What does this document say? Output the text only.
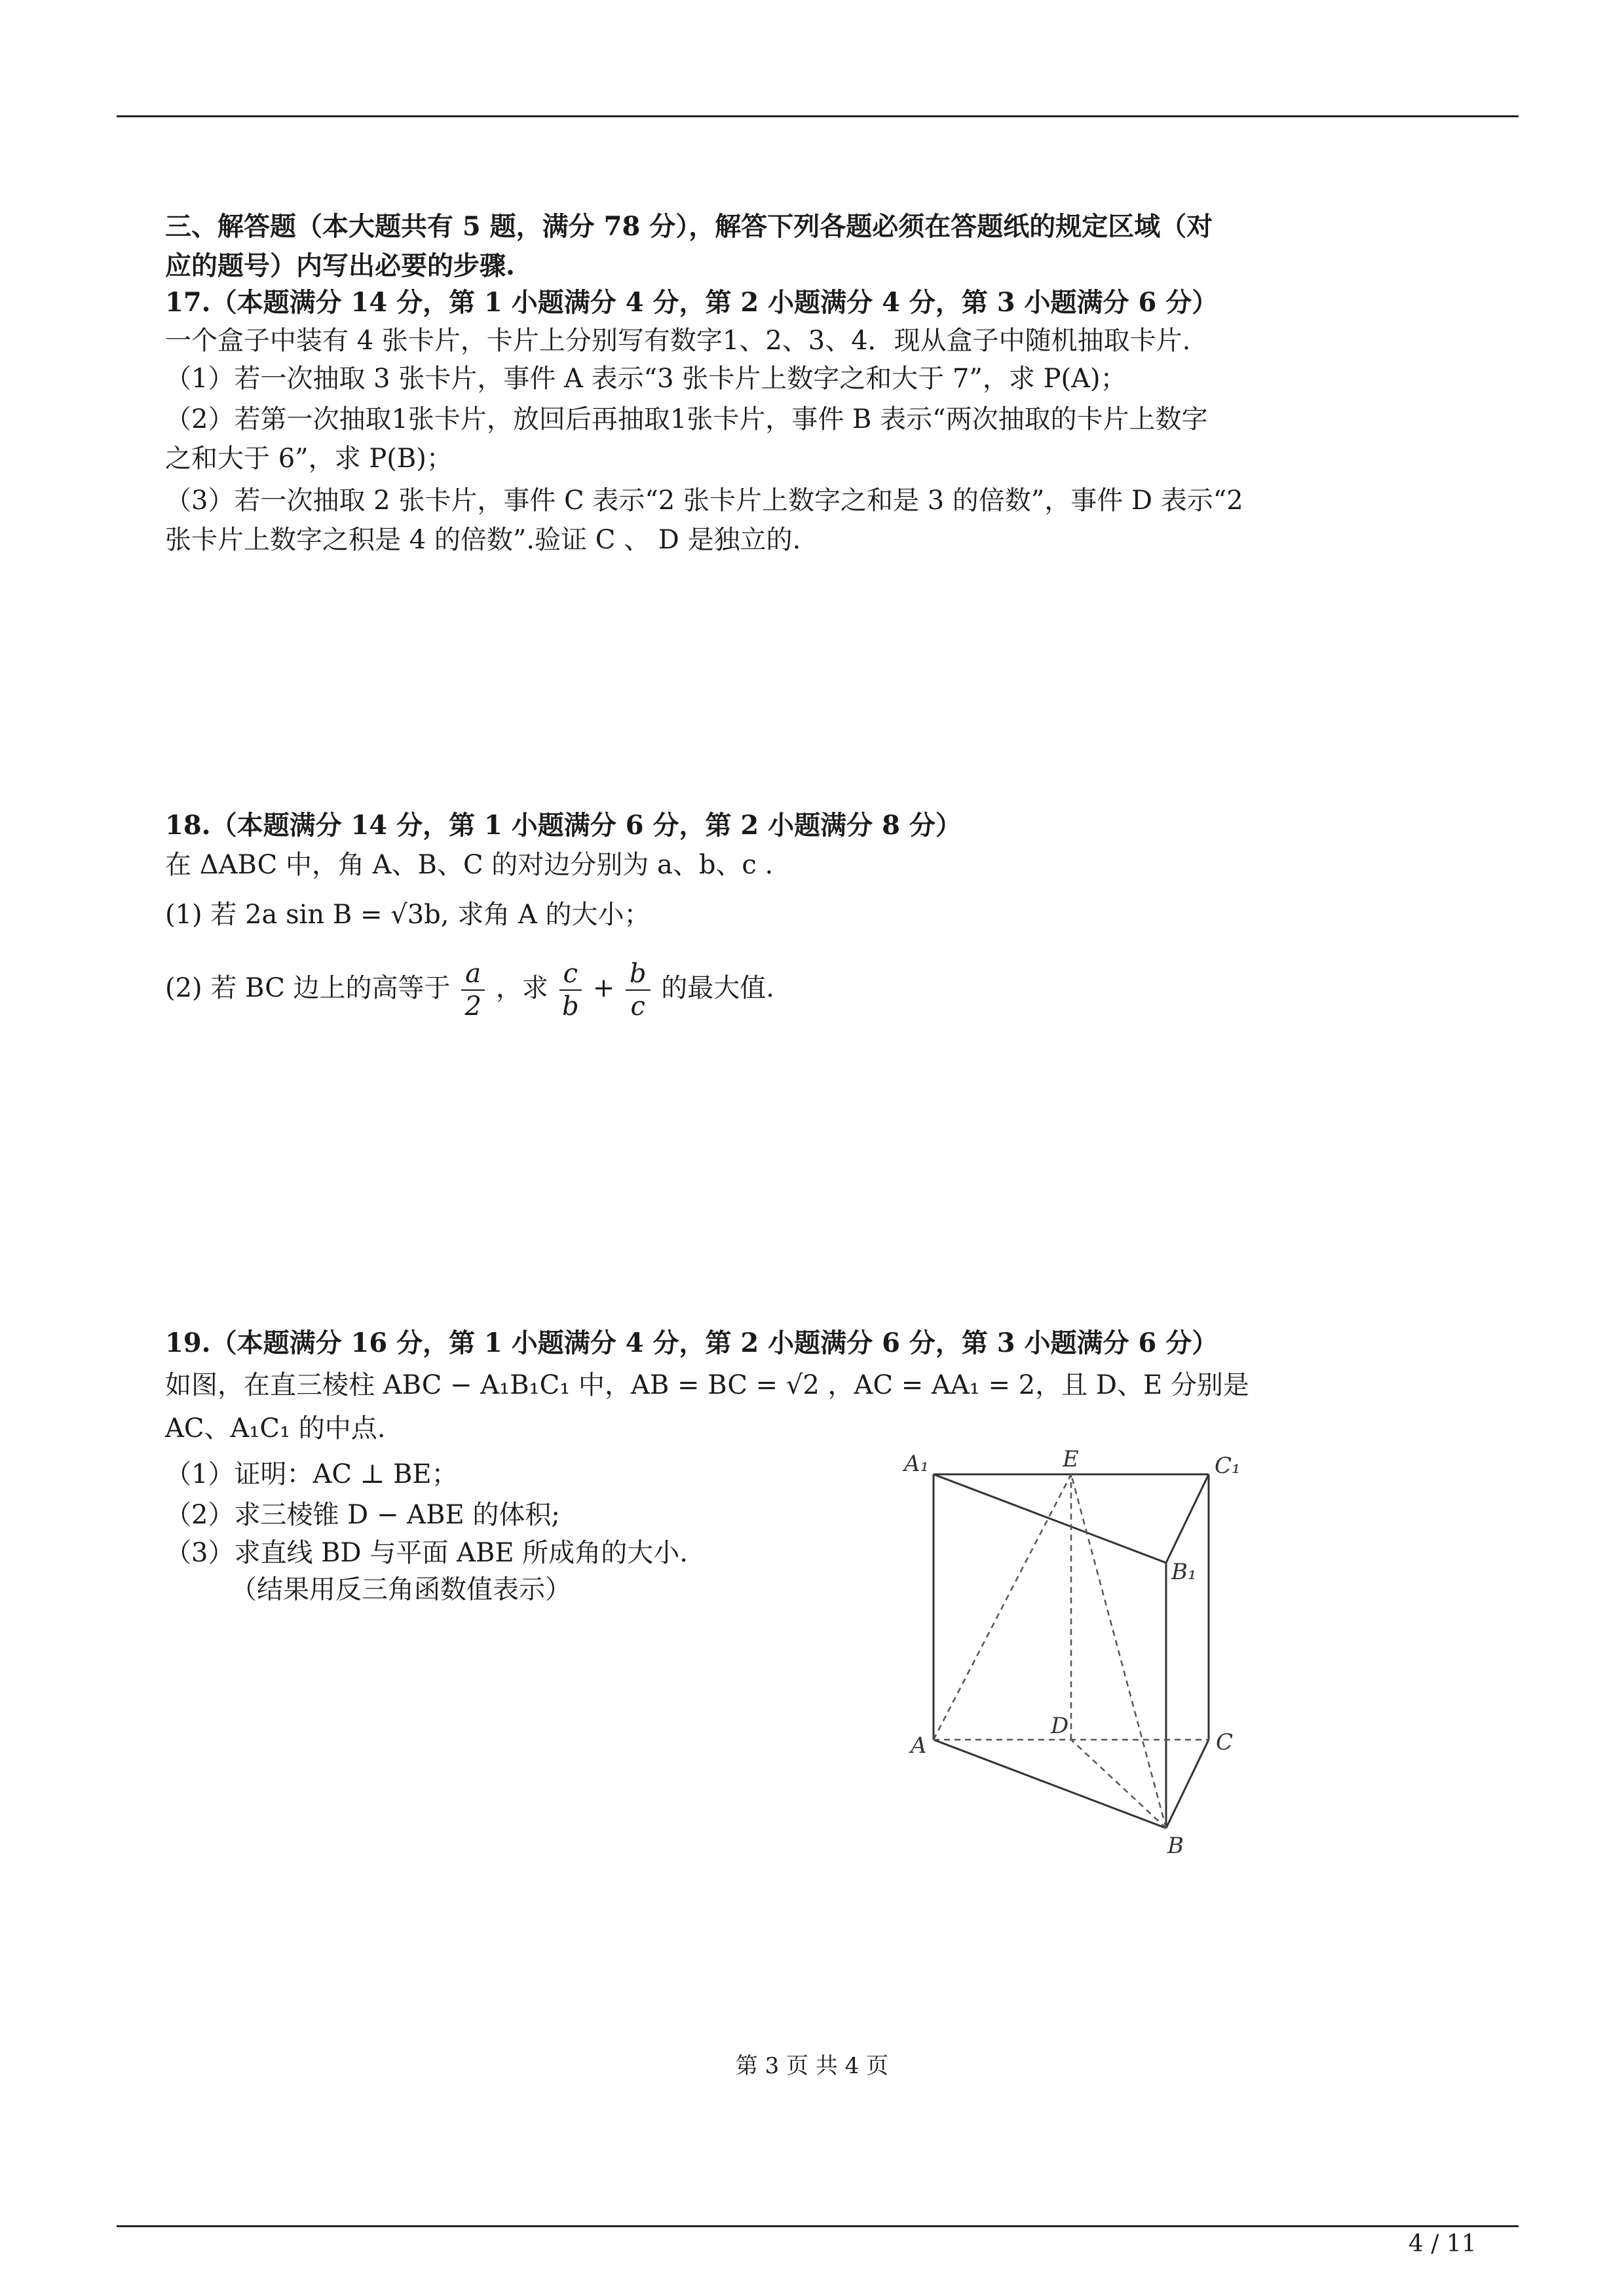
三、解答题（本大题共有 5 题，满分 78 分），解答下列各题必须在答题纸的规定区域（对
应的题号）内写出必要的步骤.
17.（本题满分 14 分，第 1 小题满分 4 分，第 2 小题满分 4 分，第 3 小题满分 6 分）
一个盒子中装有 4 张卡片，卡片上分别写有数字1、2、3、4．现从盒子中随机抽取卡片.
（1）若一次抽取 3 张卡片，事件 A 表示“3 张卡片上数字之和大于 7”，求 P(A)；
（2）若第一次抽取1张卡片，放回后再抽取1张卡片，事件 B 表示“两次抽取的卡片上数字
之和大于 6”，求 P(B)；
（3）若一次抽取 2 张卡片，事件 C 表示“2 张卡片上数字之和是 3 的倍数”，事件 D 表示“2
张卡片上数字之积是 4 的倍数”.验证 C 、 D 是独立的.
18.（本题满分 14 分，第 1 小题满分 6 分，第 2 小题满分 8 分）
在 ΔABC 中，角 A、B、C 的对边分别为 a、b、c .
(1) 若 2a sin B = √3b, 求角 A 的大小；
(2) 若 BC 边上的高等于 $\frac{a}{2}$ ，求 $\frac{c}{b} + \frac{b}{c}$ 的最大值.
19.（本题满分 16 分，第 1 小题满分 4 分，第 2 小题满分 6 分，第 3 小题满分 6 分）
如图，在直三棱柱 ABC − A₁B₁C₁ 中，AB = BC = √2 ，AC = AA₁ = 2，且 D、E 分别是
AC、A₁C₁ 的中点.
（1）证明：AC ⊥ BE；
（2）求三棱锥 D − ABE 的体积;
（3）求直线 BD 与平面 ABE 所成角的大小.
（结果用反三角函数值表示）
A₁	E	C₁
B₁
A
D
C
B
第 3 页 共 4 页
4 / 11
